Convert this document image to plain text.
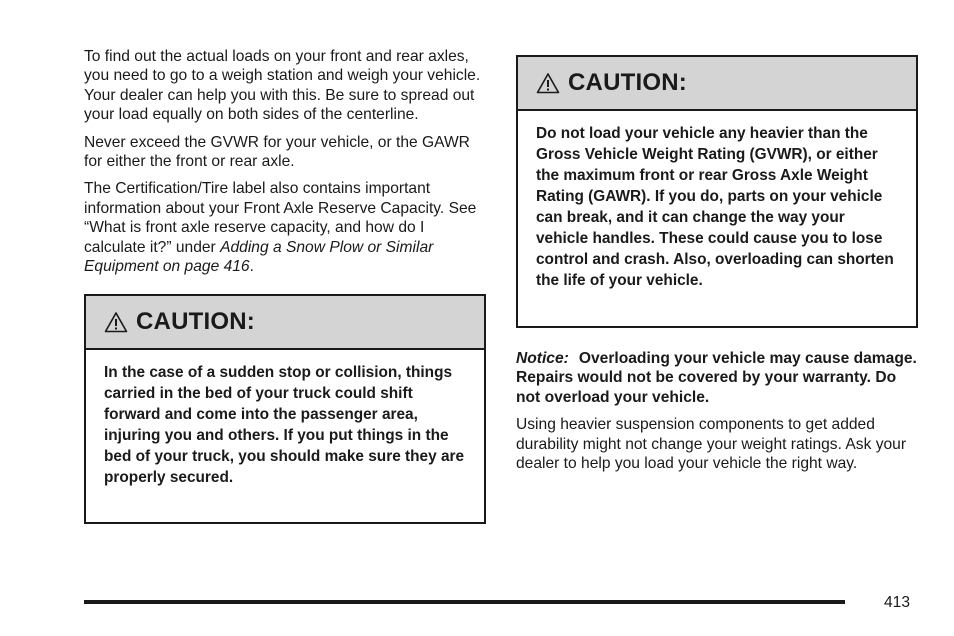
To find out the actual loads on your front and rear axles, you need to go to a weigh station and weigh your vehicle. Your dealer can help you with this. Be sure to spread out your load equally on both sides of the centerline.

Never exceed the GVWR for your vehicle, or the GAWR for either the front or rear axle.

The Certification/Tire label also contains important information about your Front Axle Reserve Capacity. See “What is front axle reserve capacity, and how do I calculate it?” under Adding a Snow Plow or Similar Equipment on page 416.

CAUTION:
In the case of a sudden stop or collision, things carried in the bed of your truck could shift forward and come into the passenger area, injuring you and others. If you put things in the bed of your truck, you should make sure they are properly secured.
CAUTION:
Do not load your vehicle any heavier than the Gross Vehicle Weight Rating (GVWR), or either the maximum front or rear Gross Axle Weight Rating (GAWR). If you do, parts on your vehicle can break, and it can change the way your vehicle handles. These could cause you to lose control and crash. Also, overloading can shorten the life of your vehicle.

Notice: Overloading your vehicle may cause damage. Repairs would not be covered by your warranty. Do not overload your vehicle.

Using heavier suspension components to get added durability might not change your weight ratings. Ask your dealer to help you load your vehicle the right way.

413
